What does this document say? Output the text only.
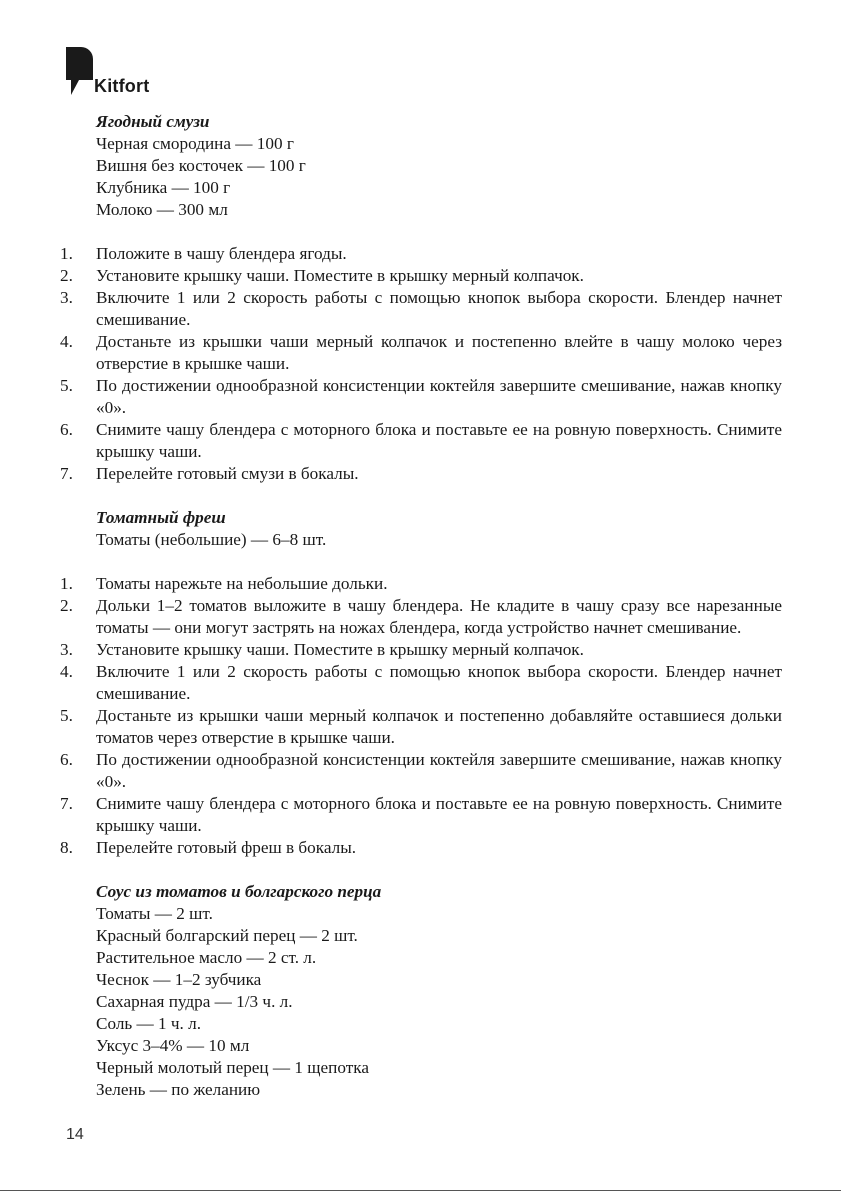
Kitfort
Ягодный смузи
Черная смородина — 100 г
Вишня без косточек — 100 г
Клубника — 100 г
Молоко — 300 мл
1.	Положите в чашу блендера ягоды.
2.	Установите крышку чаши. Поместите в крышку мерный колпачок.
3.	Включите 1 или 2 скорость работы с помощью кнопок выбора скорости. Блендер начнет смешивание.
4.	Достаньте из крышки чаши мерный колпачок и постепенно влейте в чашу молоко через отверстие в крышке чаши.
5.	По достижении однообразной консистенции коктейля завершите смешивание, нажав кнопку «0».
6.	Снимите чашу блендера с моторного блока и поставьте ее на ровную поверхность. Снимите крышку чаши.
7.	Перелейте готовый смузи в бокалы.
Томатный фреш
Томаты (небольшие) — 6–8 шт.
1.	Томаты нарежьте на небольшие дольки.
2.	Дольки 1–2 томатов выложите в чашу блендера. Не кладите в чашу сразу все нарезанные томаты — они могут застрять на ножах блендера, когда устройство начнет смешивание.
3.	Установите крышку чаши. Поместите в крышку мерный колпачок.
4.	Включите 1 или 2 скорость работы с помощью кнопок выбора скорости. Блендер начнет смешивание.
5.	Достаньте из крышки чаши мерный колпачок и постепенно добавляйте оставшиеся дольки томатов через отверстие в крышке чаши.
6.	По достижении однообразной консистенции коктейля завершите смешивание, нажав кнопку «0».
7.	Снимите чашу блендера с моторного блока и поставьте ее на ровную поверхность. Снимите крышку чаши.
8.	Перелейте готовый фреш в бокалы.
Соус из томатов и болгарского перца
Томаты — 2 шт.
Красный болгарский перец — 2 шт.
Растительное масло — 2 ст. л.
Чеснок — 1–2 зубчика
Сахарная пудра — 1/3 ч. л.
Соль — 1 ч. л.
Уксус 3–4% — 10 мл
Черный молотый перец — 1 щепотка
Зелень — по желанию
14
